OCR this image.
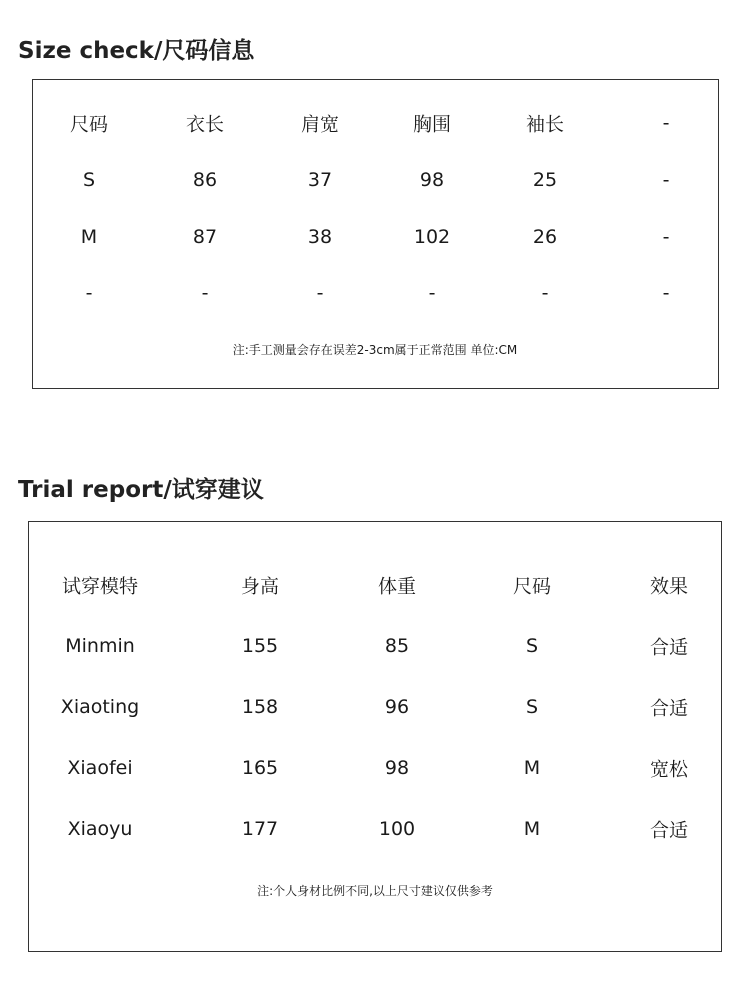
Size check/尺码信息
注:手工测量会存在误差2-3cm属于正常范围 单位:CM
Trial report/试穿建议
注:个人身材比例不同,以上尺寸建议仅供参考
尺码	衣长	肩宽	胸围	袖长	-
S	86	37	98	25	-
M	87	38	102	26	-
-	-	-	-	-	-
试穿模特	身高	体重	尺码	效果
Minmin	155	85	S	合适
Xiaoting	158	96	S	合适
Xiaofei	165	98	M	宽松
Xiaoyu	177	100	M	合适
